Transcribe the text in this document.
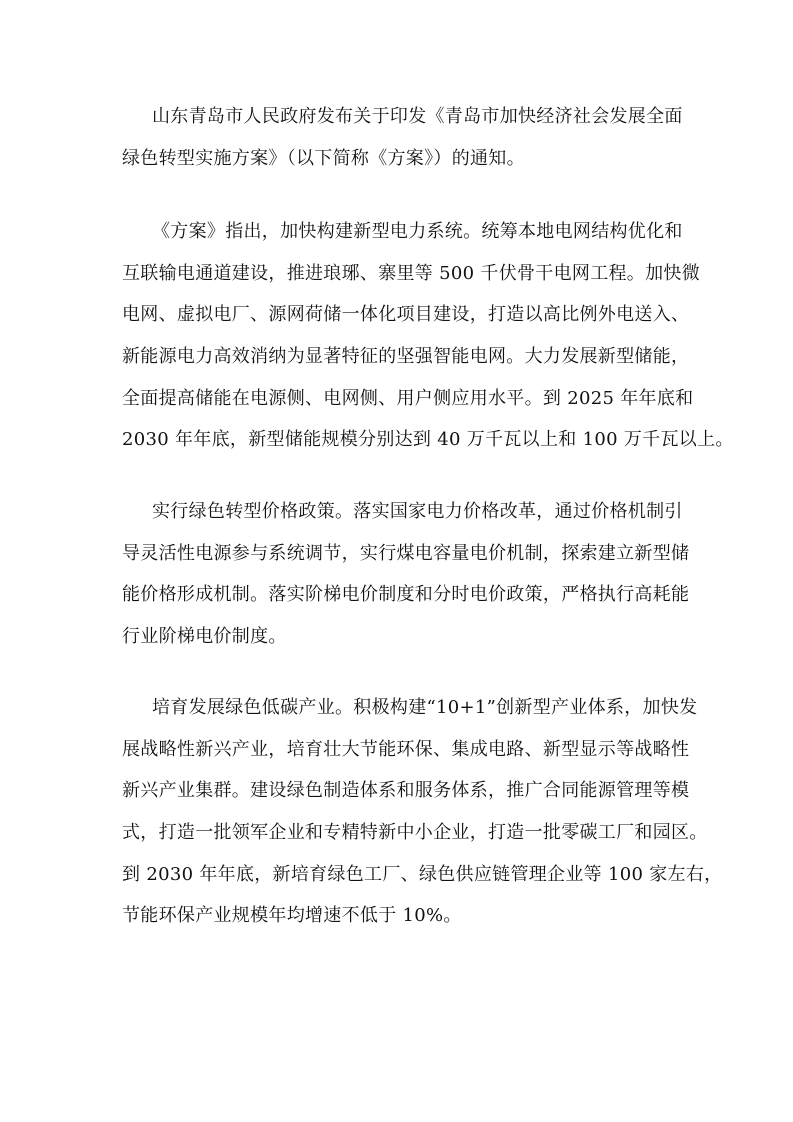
山东青岛市人民政府发布关于印发《青岛市加快经济社会发展全面
绿色转型实施方案》（以下简称《方案》）的通知。
《方案》指出，加快构建新型电力系统。统筹本地电网结构优化和
互联输电通道建设，推进琅琊、寨里等 500 千伏骨干电网工程。加快微
电网、虚拟电厂、源网荷储一体化项目建设，打造以高比例外电送入、
新能源电力高效消纳为显著特征的坚强智能电网。大力发展新型储能，
全面提高储能在电源侧、电网侧、用户侧应用水平。到 2025 年年底和
2030 年年底，新型储能规模分别达到 40 万千瓦以上和 100 万千瓦以上。
实行绿色转型价格政策。落实国家电力价格改革，通过价格机制引
导灵活性电源参与系统调节，实行煤电容量电价机制，探索建立新型储
能价格形成机制。落实阶梯电价制度和分时电价政策，严格执行高耗能
行业阶梯电价制度。
培育发展绿色低碳产业。积极构建“10+1”创新型产业体系，加快发
展战略性新兴产业，培育壮大节能环保、集成电路、新型显示等战略性
新兴产业集群。建设绿色制造体系和服务体系，推广合同能源管理等模
式，打造一批领军企业和专精特新中小企业，打造一批零碳工厂和园区。
到 2030 年年底，新培育绿色工厂、绿色供应链管理企业等 100 家左右，
节能环保产业规模年均增速不低于 10%。
